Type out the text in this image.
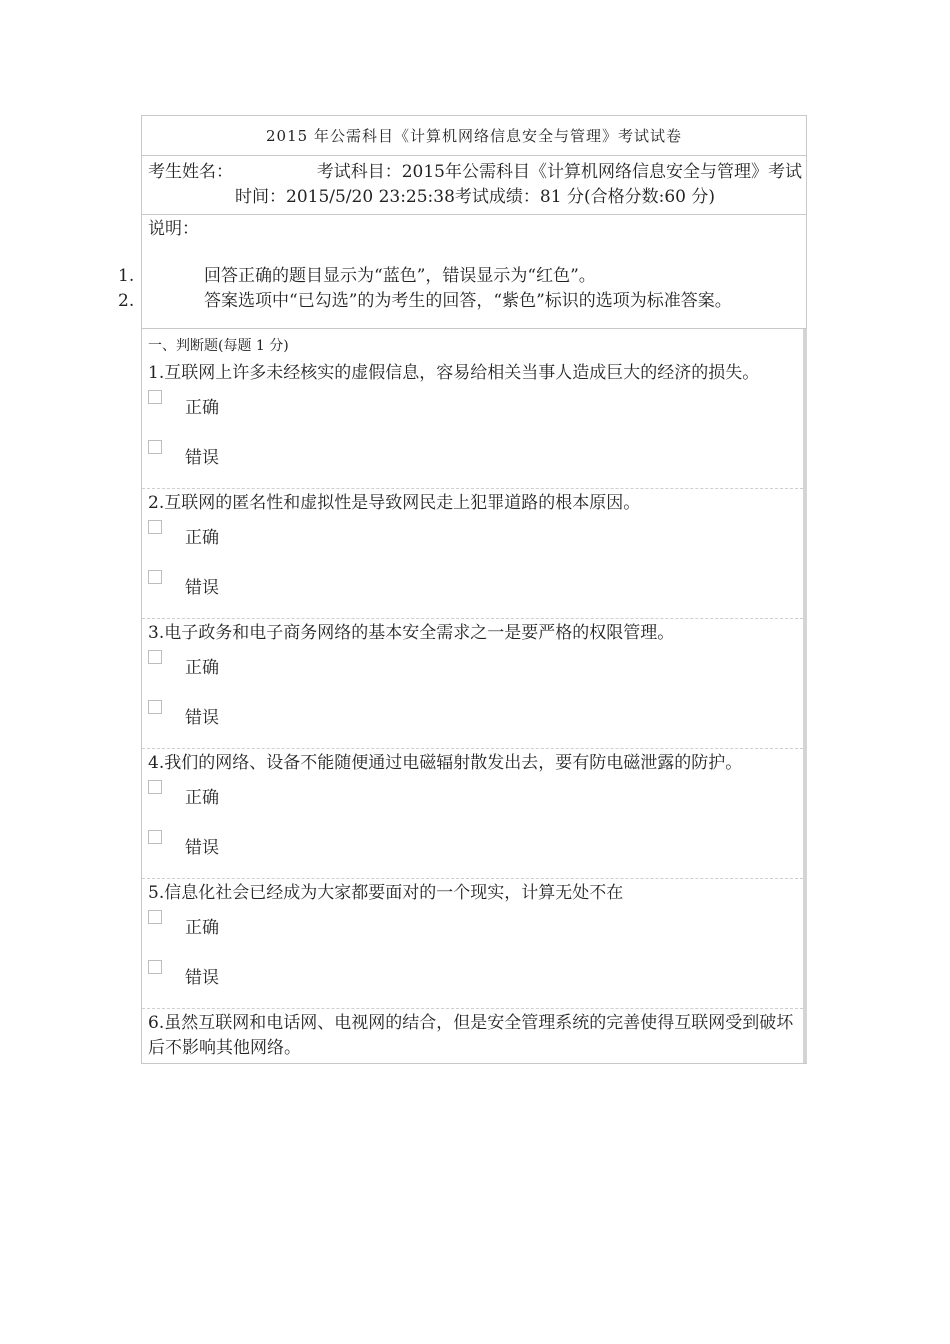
2015 年公需科目《计算机网络信息安全与管理》考试试卷
考生姓名：	考试科目：2015年公需科目《计算机网络信息安全与管理》考试
时间：2015/5/20 23:25:38考试成绩：81 分(合格分数:60 分)
说明：
1.	回答正确的题目显示为“蓝色”，错误显示为“红色”。
2.	答案选项中“已勾选”的为考生的回答，“紫色”标识的选项为标准答案。
一、判断题(每题 1 分)
1.互联网上许多未经核实的虚假信息，容易给相关当事人造成巨大的经济的损失。
正确
错误
2.互联网的匿名性和虚拟性是导致网民走上犯罪道路的根本原因。
正确
错误
3.电子政务和电子商务网络的基本安全需求之一是要严格的权限管理。
正确
错误
4.我们的网络、设备不能随便通过电磁辐射散发出去，要有防电磁泄露的防护。
正确
错误
5.信息化社会已经成为大家都要面对的一个现实，计算无处不在
正确
错误
6.虽然互联网和电话网、电视网的结合，但是安全管理系统的完善使得互联网受到破坏后不影响其他网络。
